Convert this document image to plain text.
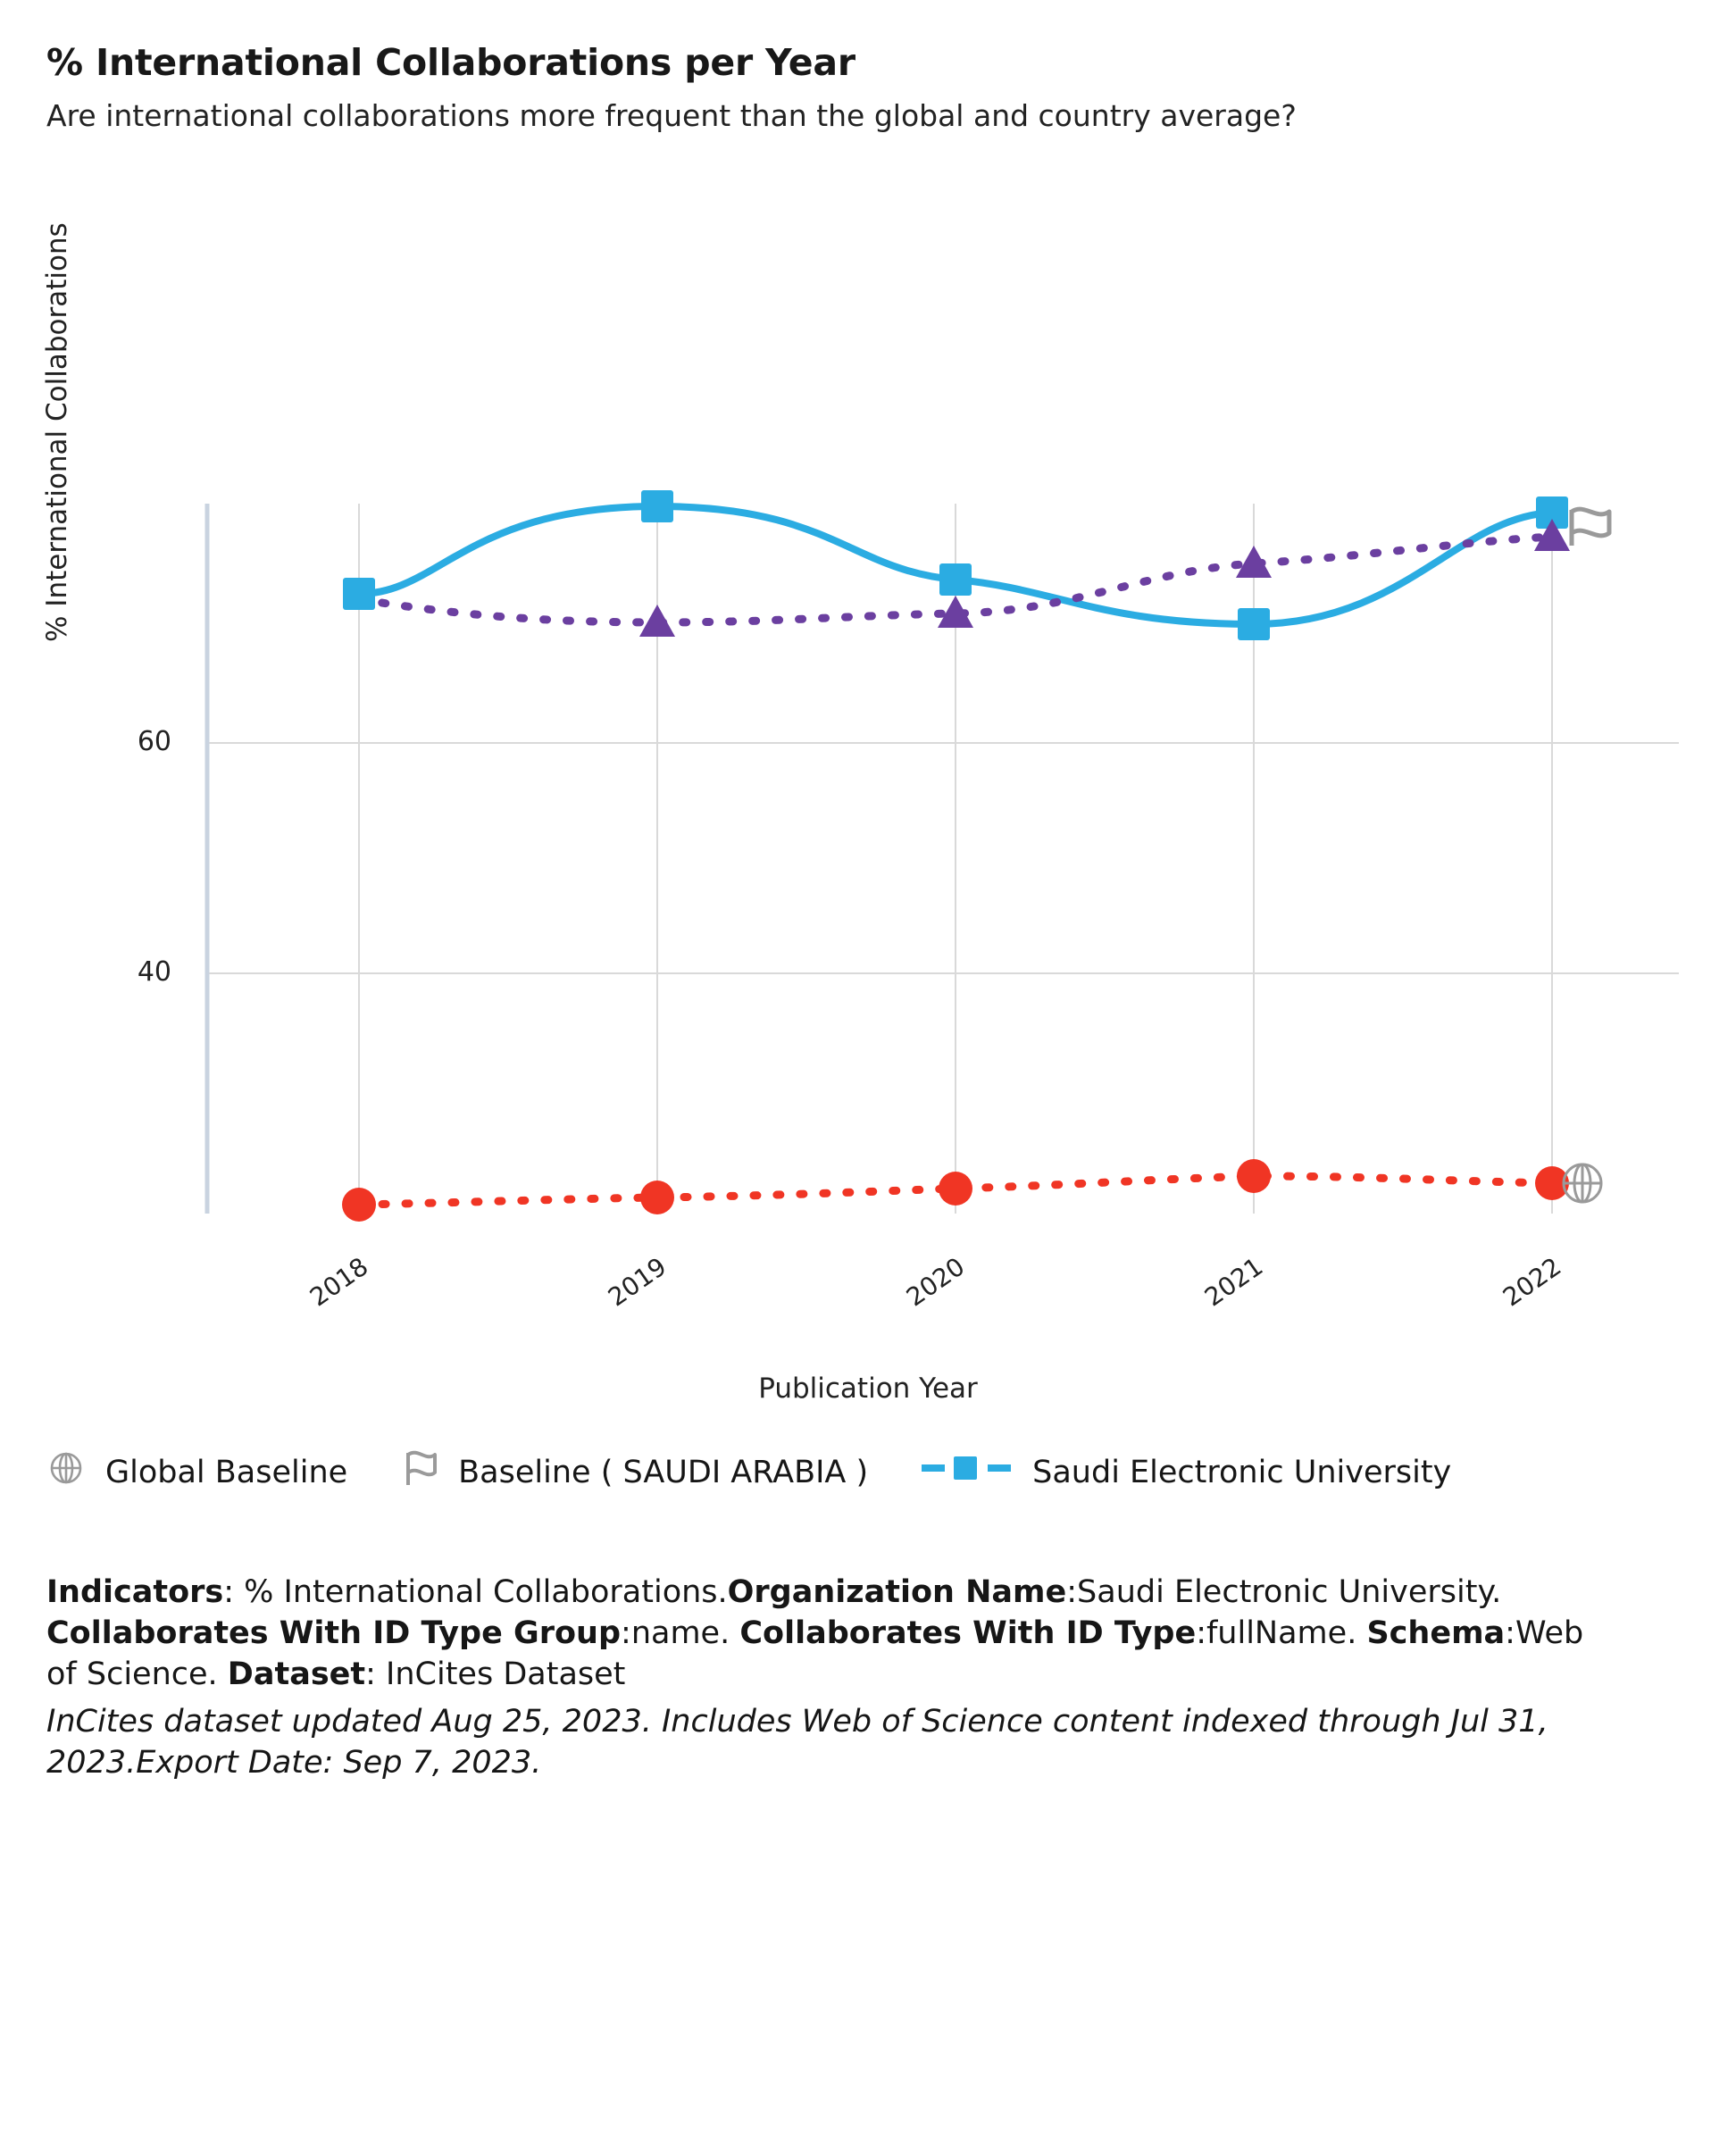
% International Collaborations per Year
Are international collaborations more frequent than the global and country average?
% International Collaborations
60
40
2018	2019	2020	2021	2022
Publication Year
Global Baseline	Baseline ( SAUDI ARABIA )	Saudi Electronic University
Indicators: % International Collaborations.Organization Name:Saudi Electronic University. Collaborates With ID Type Group:name. Collaborates With ID Type:fullName. Schema:Web of Science. Dataset: InCites Dataset
InCites dataset updated Aug 25, 2023. Includes Web of Science content indexed through Jul 31, 2023.Export Date: Sep 7, 2023.
